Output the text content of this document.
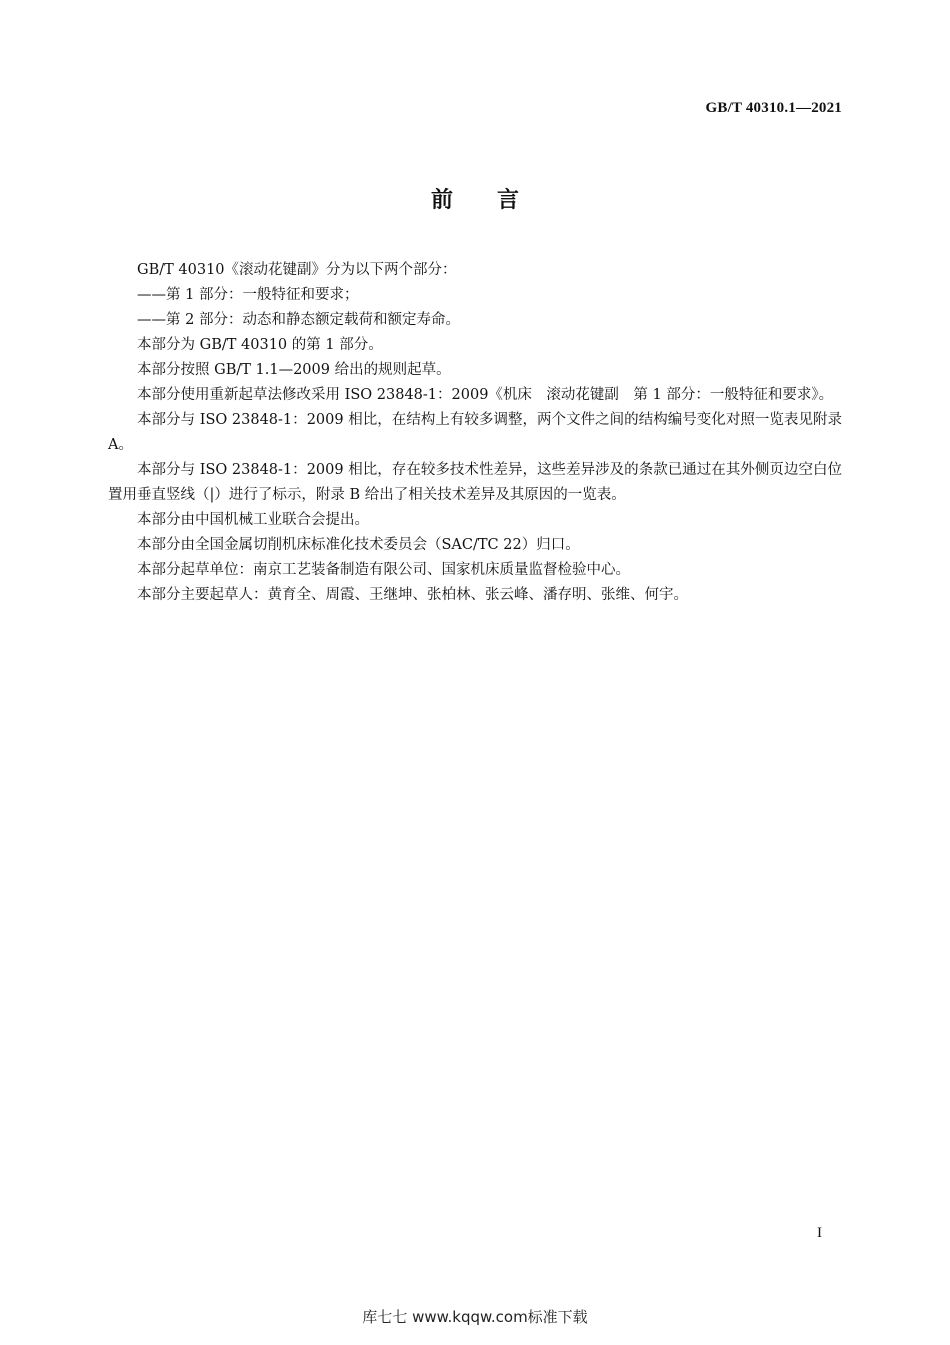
GB/T 40310.1—2021
前言

GB/T 40310《滚动花键副》分为以下两个部分：

——第 1 部分：一般特征和要求；

——第 2 部分：动态和静态额定载荷和额定寿命。

本部分为 GB/T 40310 的第 1 部分。

本部分按照 GB/T 1.1—2009 给出的规则起草。

本部分使用重新起草法修改采用 ISO 23848-1：2009《机床　滚动花键副　第 1 部分：一般特征和要求》。

本部分与 ISO 23848-1：2009 相比，在结构上有较多调整，两个文件之间的结构编号变化对照一览表见附录 A。

本部分与 ISO 23848-1：2009 相比，存在较多技术性差异，这些差异涉及的条款已通过在其外侧页边空白位置用垂直竖线（|）进行了标示，附录 B 给出了相关技术差异及其原因的一览表。

本部分由中国机械工业联合会提出。

本部分由全国金属切削机床标准化技术委员会（SAC/TC 22）归口。

本部分起草单位：南京工艺装备制造有限公司、国家机床质量监督检验中心。

本部分主要起草人：黄育全、周霞、王继坤、张柏林、张云峰、潘存明、张维、何宇。

I
库七七 www.kqqw.com标准下载
